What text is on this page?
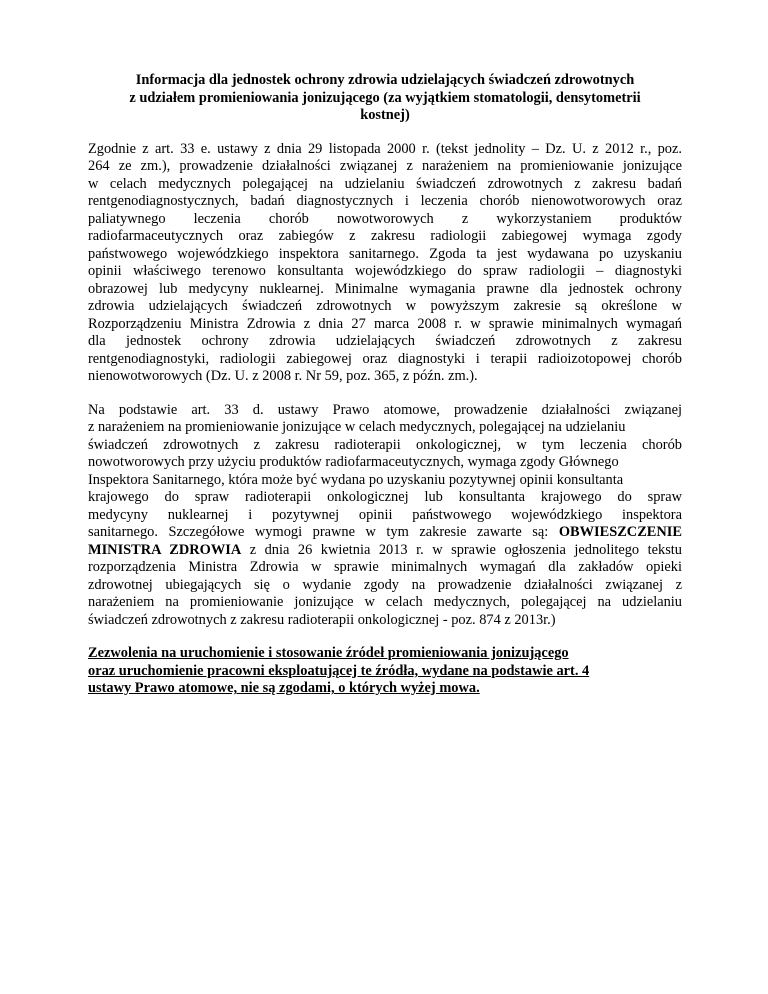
Informacja dla jednostek ochrony zdrowia udzielających świadczeń zdrowotnych
z udziałem promieniowania jonizującego (za wyjątkiem stomatologii, densytometrii
kostnej)
Zgodnie z art. 33 e. ustawy z dnia 29 listopada 2000 r. (tekst jednolity – Dz. U. z 2012 r., poz.
264 ze zm.), prowadzenie działalności związanej z narażeniem na promieniowanie jonizujące
w celach medycznych polegającej na udzielaniu świadczeń zdrowotnych z zakresu badań
rentgenodiagnostycznych, badań diagnostycznych i leczenia chorób nienowotworowych oraz
paliatywnego leczenia chorób nowotworowych z wykorzystaniem produktów
radiofarmaceutycznych oraz zabiegów z zakresu radiologii zabiegowej wymaga zgody
państwowego wojewódzkiego inspektora sanitarnego. Zgoda ta jest wydawana po uzyskaniu
opinii właściwego terenowo konsultanta wojewódzkiego do spraw radiologii – diagnostyki
obrazowej lub medycyny nuklearnej. Minimalne wymagania prawne dla jednostek ochrony
zdrowia udzielających świadczeń zdrowotnych w powyższym zakresie są określone w
Rozporządzeniu Ministra Zdrowia z dnia 27 marca 2008 r. w sprawie minimalnych wymagań
dla jednostek ochrony zdrowia udzielających świadczeń zdrowotnych z zakresu
rentgenodiagnostyki, radiologii zabiegowej oraz diagnostyki i terapii radioizotopowej chorób
nienowotworowych (Dz. U. z 2008 r. Nr 59, poz. 365, z późn. zm.).
Na podstawie art. 33 d. ustawy Prawo atomowe, prowadzenie działalności związanej
z narażeniem na promieniowanie jonizujące w celach medycznych, polegającej na udzielaniu
świadczeń zdrowotnych z zakresu radioterapii onkologicznej, w tym leczenia chorób
nowotworowych przy użyciu produktów radiofarmaceutycznych, wymaga zgody Głównego
Inspektora Sanitarnego, która może być wydana po uzyskaniu pozytywnej opinii konsultanta
krajowego do spraw radioterapii onkologicznej lub konsultanta krajowego do spraw
medycyny nuklearnej i pozytywnej opinii państwowego wojewódzkiego inspektora
sanitarnego. Szczegółowe wymogi prawne w tym zakresie zawarte są: OBWIESZCZENIE
MINISTRA ZDROWIA z dnia 26 kwietnia 2013 r. w sprawie ogłoszenia jednolitego tekstu
rozporządzenia Ministra Zdrowia w sprawie minimalnych wymagań dla zakładów opieki
zdrowotnej ubiegających się o wydanie zgody na prowadzenie działalności związanej z
narażeniem na promieniowanie jonizujące w celach medycznych, polegającej na udzielaniu
świadczeń zdrowotnych z zakresu radioterapii onkologicznej - poz. 874 z 2013r.)
Zezwolenia na uruchomienie i stosowanie źródeł promieniowania jonizującego
oraz uruchomienie pracowni eksploatującej te źródła, wydane na podstawie art. 4
ustawy Prawo atomowe, nie są zgodami, o których wyżej mowa.
